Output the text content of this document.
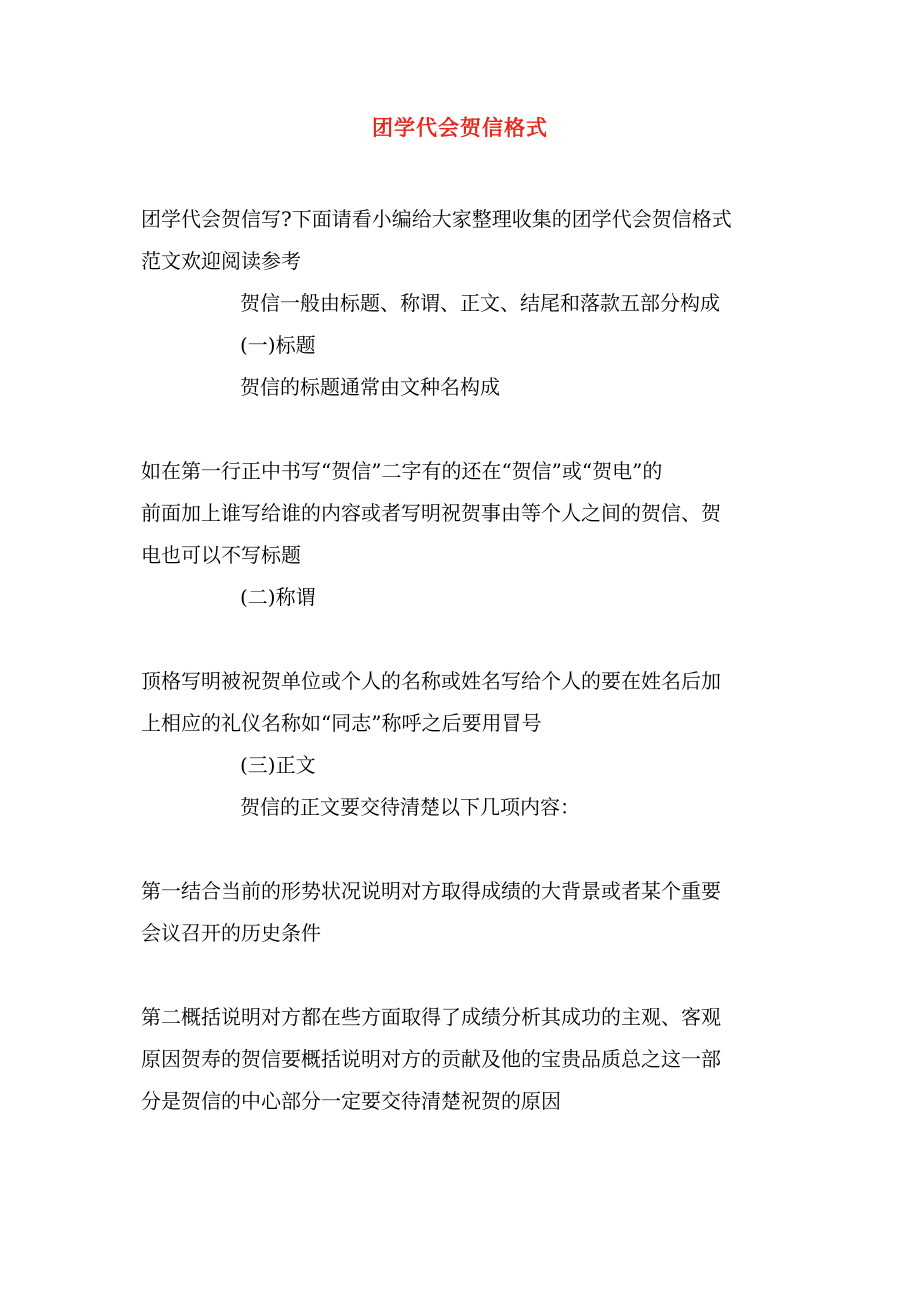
团学代会贺信格式
团学代会贺信写?下面请看小编给大家整理收集的团学代会贺信格式
范文欢迎阅读参考
贺信一般由标题、称谓、正文、结尾和落款五部分构成
(一)标题
贺信的标题通常由文种名构成
如在第一行正中书写“贺信”二字有的还在“贺信”或“贺电”的
前面加上谁写给谁的内容或者写明祝贺事由等个人之间的贺信、贺
电也可以不写标题
(二)称谓
顶格写明被祝贺单位或个人的名称或姓名写给个人的要在姓名后加
上相应的礼仪名称如“同志”称呼之后要用冒号
(三)正文
贺信的正文要交待清楚以下几项内容：
第一结合当前的形势状况说明对方取得成绩的大背景或者某个重要
会议召开的历史条件
第二概括说明对方都在些方面取得了成绩分析其成功的主观、客观
原因贺寿的贺信要概括说明对方的贡献及他的宝贵品质总之这一部
分是贺信的中心部分一定要交待清楚祝贺的原因
